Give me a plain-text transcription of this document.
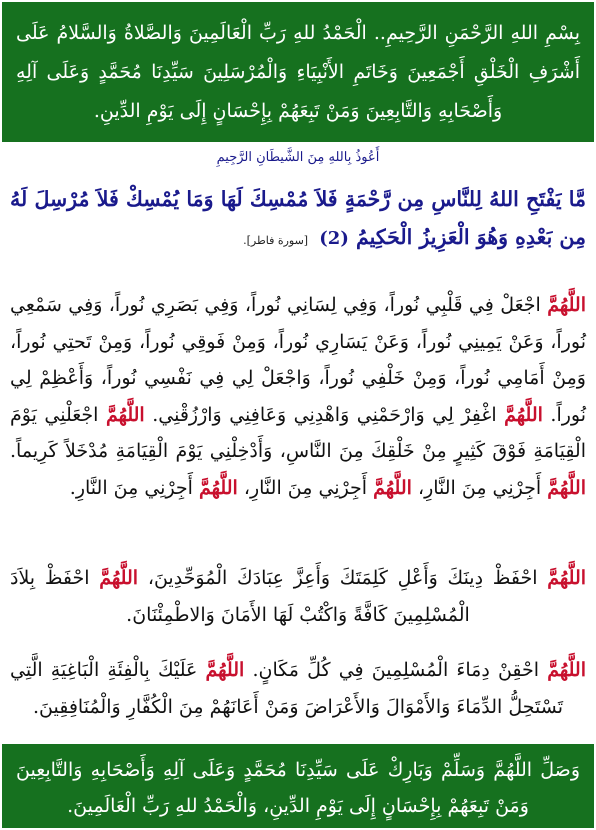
بِسْمِ اللهِ الرَّحْمَنِ الرَّحِيمِ.. الْحَمْدُ للهِ رَبِّ الْعَالَمِينَ وَالصَّلاةُ وَالسَّلامُ عَلَى أَشْرَفِ الْخَلْقِ أَجْمَعِينَ وَخَاتَمِ الأَنْبِيَاءِ وَالْمُرْسَلِينَ سَيِّدِنَا مُحَمَّدٍ وَعَلَى آلِهِ وَأَصْحَابِهِ وَالتَّابِعِينَ وَمَنْ تَبِعَهُمْ بِإِحْسَانٍ إِلَى يَوْمِ الدِّينِ.
أَعُوذُ بِاللهِ مِنَ الشَّيطَانِ الرَّجِيمِ
مَّا يَفْتَحِ اللهُ لِلنَّاسِ مِن رَّحْمَةٍ فَلاَ مُمْسِكَ لَهَا وَمَا يُمْسِكْ فَلاَ مُرْسِلَ لَهُ مِن بَعْدِهِ وَهُوَ الْعَزِيزُ الْحَكِيمُ (2) [سورة فاطر].
اللَّهُمَّ اجْعَلْ فِي قَلْبِي نُوراً، وَفِي لِسَانِي نُوراً، وَفِي بَصَرِي نُوراً، وَفِي سَمْعِي نُوراً، وَعَنْ يَمِينِي نُوراً، وَعَنْ يَسَارِي نُوراً، وَمِنْ فَوقِي نُوراً، وَمِنْ تَحتِي نُوراً، وَمِنْ أَمَامِي نُوراً، وَمِنْ خَلْفِي نُوراً، وَاجْعَلْ لِي فِي نَفْسِي نُوراً، وَأَعْظِمْ لِي نُوراً. اللَّهُمَّ اغْفِرْ لِي وَارْحَمْنِي وَاهْدِنِي وَعَافِنِي وَارْزُقْنِي. اللَّهُمَّ اجْعَلْنِي يَوْمَ الْقِيَامَةِ فَوْقَ كَثِيرٍ مِنْ خَلْقِكَ مِنَ النَّاسِ، وَأَدْخِلْنِي يَوْمَ الْقِيَامَةِ مُدْخَلاً كَرِيماً. اللَّهُمَّ أَجِرْنِي مِنَ النَّارِ، اللَّهُمَّ أَجِرْنِي مِنَ النَّارِ، اللَّهُمَّ أَجِرْنِي مِنَ النَّارِ.
اللَّهُمَّ احْفَظْ دِينَكَ وَأَعْلِ كَلِمَتَكَ وَأَعِزَّ عِبَادَكَ الْمُوَحِّدِينَ، اللَّهُمَّ احْفَظْ بِلاَدَ الْمُسْلِمِينَ كَافَّةً وَاكْتُبْ لَهَا الأَمَانَ وَالاطْمِئْنَانَ.
اللَّهُمَّ احْقِنْ دِمَاءَ الْمُسْلِمِينَ فِي كُلِّ مَكَانٍ. اللَّهُمَّ عَلَيْكَ بِالْفِئَةِ الْبَاغِيَةِ الَّتِي تَسْتَحِلُّ الدِّمَاءَ وَالأَمْوَالَ وَالأَعْرَاضَ وَمَنْ أَعَانَهُمْ مِنَ الْكُفَّارِ وَالْمُنَافِقِينَ.
وَصَلِّ اللَّهُمَّ وَسَلِّمْ وَبَارِكْ عَلَى سَيِّدِنَا مُحَمَّدٍ وَعَلَى آلِهِ وَأَصْحَابِهِ وَالتَّابِعِينَ وَمَنْ تَبِعَهُمْ بِإِحْسَانٍ إِلَى يَوْمِ الدِّينِ، وَالْحَمْدُ للهِ رَبِّ الْعَالَمِينَ.
